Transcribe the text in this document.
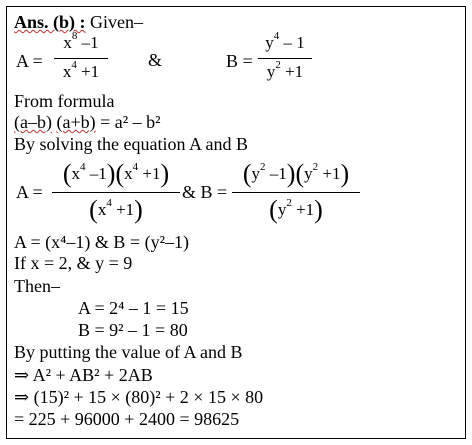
Ans. (b) : Given–
A =
$x^8$ –1
$x^4 +1$
&	B =
$y^4 - 1$
$y^2 +1$
From formula
(a–b) (a+b) = a² – b²
By solving the equation A and B
A =
($x^4$ $-1)(x^4 +1)$
$(x^4 +1)$
& B =
($y^2$ $-1)(y^2 +1)$
$(y^2 +1)$
A = (x⁴–1) & B = (y²–1)
If x = 2, & y = 9
Then–
A = 2⁴ – 1 = 15
B = 9² – 1 = 80
By putting the value of A and B
⇒ A² + AB² + 2AB
⇒ (15)² + 15 × (80)² + 2 × 15 × 80
= 225 + 96000 + 2400 = 98625
